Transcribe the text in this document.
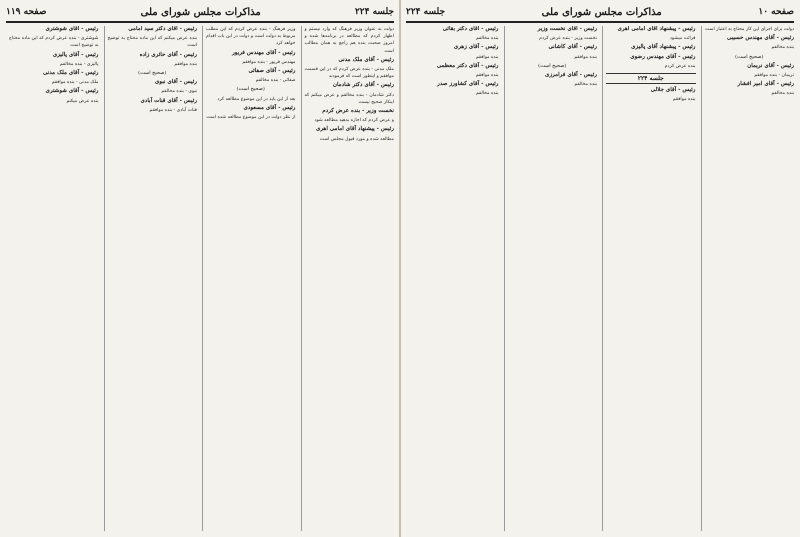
جلسه ۲۲۴
مذاکرات مجلس شورای ملی
صفحه ۱۱۹

دولت به عنوان وزیر فرهنگ که وارد نیستم و اظهار کردم که مطالعه در برنامه‌ها شده و امروز صحبت بنده هم راجع به همان مطالب است

رئیس - آقای ملک مدنی

ملک مدنی - بنده عرض کردم که در این قسمت موافقم و اینطور است که فرمودند

رئیس - آقای دکتر شادمان

دکتر شادمان - بنده مخالفم و عرض میکنم که اینکار صحیح نیست

نخست وزیر - بنده عرض کردم

و عرض کردم که اجازه بدهید مطالعه شود

رئیس - پیشنهاد آقای امامی اهری

مطالعه شده و مورد قبول مجلس است

وزیر فرهنگ - بنده عرض کردم که این مطلب مربوط به دولت است و دولت در این باب اقدام خواهد کرد

رئیس - آقای مهندس فریور

مهندس فریور - بنده موافقم

رئیس - آقای صفائی

صفائی - بنده مخالفم

(صحیح است)

بعد از این باید در این موضوع مطالعه کرد

رئیس - آقای مسعودی

از نظر دولت در این موضوع مطالعه شده است

رئیس - آقای دکتر سید امامی

بنده عرض میکنم که این ماده محتاج به توضیح است

رئیس - آقای حائری زاده

بنده موافقم

(صحیح است)

رئیس - آقای نبوی

نبوی - بنده مخالفم

رئیس - آقای قنات آبادی

قنات آبادی - بنده موافقم

رئیس - آقای شوشتری

شوشتری - بنده عرض کردم که این ماده محتاج به توضیح است

رئیس - آقای پالیزی

پالیزی - بنده مخالفم

رئیس - آقای ملک مدنی

ملک مدنی - بنده موافقم

رئیس - آقای شوشتری

بنده عرض میکنم

صفحه ۱۰
مذاکرات مجلس شورای ملی
جلسه ۲۲۴

دولت برای اجرای این کار محتاج به اعتبار است

رئیس - آقای مهندس حسیبی

بنده مخالفم

(صحیح است)

رئیس - آقای نریمان

نریمان - بنده موافقم

رئیس - آقای امیر افشار

بنده مخالفم

رئیس - پیشنهاد آقای امامی اهری

قرائت میشود

رئیس - پیشنهاد آقای پالیزی

رئیس - آقای مهندس رضوی

بنده عرض کردم

جلسه ۲۲۴

رئیس - آقای جلالی

بنده موافقم

رئیس - آقای نخست وزیر

نخست وزیر - بنده عرض کردم

رئیس - آقای کاشانی

بنده موافقم

(صحیح است)

رئیس - آقای فرامرزی

بنده مخالفم

رئیس - آقای دکتر بقائی

بنده مخالفم

رئیس - آقای زهری

بنده موافقم

رئیس - آقای دکتر معظمی

بنده موافقم

رئیس - آقای کشاورز صدر

بنده مخالفم
